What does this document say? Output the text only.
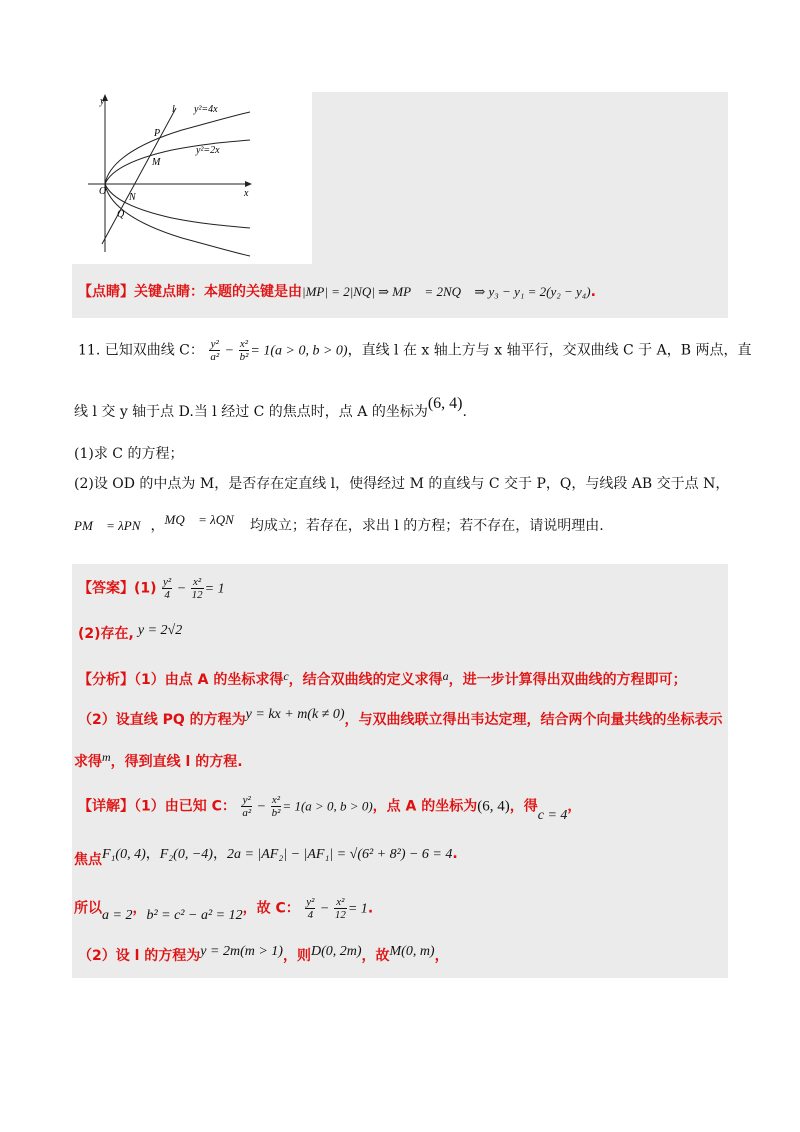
y
x
l y²=4x
y²=2x
P
M
O
N
Q
【点睛】关键点睛：本题的关键是由|MP| = 2|NQ| ⇒ MP⃗ = 2NQ⃗ ⇒ y₃ − y₁ = 2(y₂ − y₄).
11. 已知双曲线 C： $\frac{\text{y²}}{\text{a²}} - \frac{\text{x²}}{\text{b²}} = 1(a > 0$, b > 0)，直线 l 在 x 轴上方与 x 轴平行，交双曲线 C 于 A，B 两点，直
线 l 交 y 轴于点 D.当 l 经过 C 的焦点时，点 A 的坐标为(6, 4).
(1)求 C 的方程；
(2)设 OD 的中点为 M，是否存在定直线 l，使得经过 M 的直线与 C 交于 P，Q，与线段 AB 交于点 N，
PM⃗ = λPN⃗，MQ⃗ = λQN⃗ 均成立；若存在，求出 l 的方程；若不存在，请说明理由.
【答案】$(1) \frac{\text{y²}}{4} - \frac{\text{x²}}{12} = 1$
(2)存在, y = 2√2
【分析】（1）由点 A 的坐标求得c，结合双曲线的定义求得a，进一步计算得出双曲线的方程即可；
（2）设直线 PQ 的方程为y = kx + m(k ≠ 0)，与双曲线联立得出韦达定理，结合两个向量共线的坐标表示
求得m，得到直线 l 的方程.
【详解】（1）由已知 C： $\frac{\text{y²}}{\text{a²}} - \frac{\text{x²}}{\text{b²}} = 1(a > 0$, b > 0)，点 A 的坐标为(6, 4)，得c = 4，
焦点F₁(0, 4)，F₂(0, −4)，2a = |AF₂| − |AF₁| = √(6² + 8²) − 6 = 4.
所以a = 2，b² = c² − a² = 12，故 C： $\frac{\text{y²}}{4} - \frac{\text{x²}}{12} = 1$.
（2）设 l 的方程为y = 2m(m > 1)，则D(0, 2m)，故M(0, m)，
